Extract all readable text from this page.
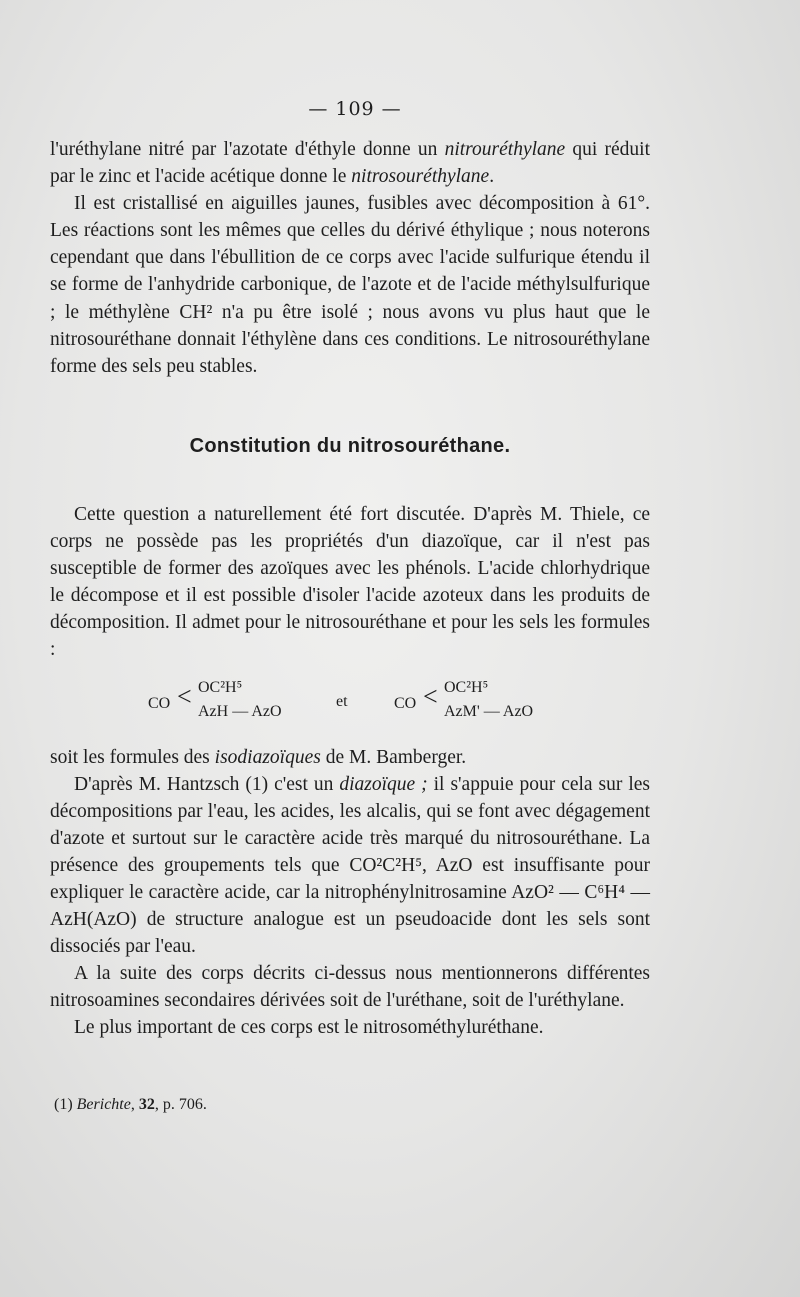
— 109 —

l'uréthylane nitré par l'azotate d'éthyle donne un nitrouréthylane qui réduit par le zinc et l'acide acétique donne le nitrosouréthylane.

Il est cristallisé en aiguilles jaunes, fusibles avec décomposition à 61°. Les réactions sont les mêmes que celles du dérivé éthylique ; nous noterons cependant que dans l'ébullition de ce corps avec l'acide sulfurique étendu il se forme de l'anhydride carbonique, de l'azote et de l'acide méthylsulfurique ; le méthylène CH² n'a pu être isolé ; nous avons vu plus haut que le nitrosouréthane donnait l'éthylène dans ces conditions. Le nitrosouréthylane forme des sels peu stables.

Constitution du nitrosouréthane.

Cette question a naturellement été fort discutée. D'après M. Thiele, ce corps ne possède pas les propriétés d'un diazoïque, car il n'est pas susceptible de former des azoïques avec les phénols. L'acide chlorhydrique le décompose et il est possible d'isoler l'acide azoteux dans les produits de décomposition. Il admet pour le nitrosouréthane et pour les sels les formules :

CO < OC²H⁵
AzH — AzO
et	CO < OC²H⁵
AzM' — AzO

soit les formules des isodiazoïques de M. Bamberger.

D'après M. Hantzsch (1) c'est un diazoïque ; il s'appuie pour cela sur les décompositions par l'eau, les acides, les alcalis, qui se font avec dégagement d'azote et surtout sur le caractère acide très marqué du nitrosouréthane. La présence des groupements tels que CO²C²H⁵, AzO est insuffisante pour expliquer le caractère acide, car la nitrophénylnitrosamine AzO² — C⁶H⁴ — AzH(AzO) de structure analogue est un pseudoacide dont les sels sont dissociés par l'eau.

A la suite des corps décrits ci-dessus nous mentionnerons différentes nitrosoamines secondaires dérivées soit de l'uréthane, soit de l'uréthylane.

Le plus important de ces corps est le nitrosométhyluréthane.

(1) Berichte, 32, p. 706.
